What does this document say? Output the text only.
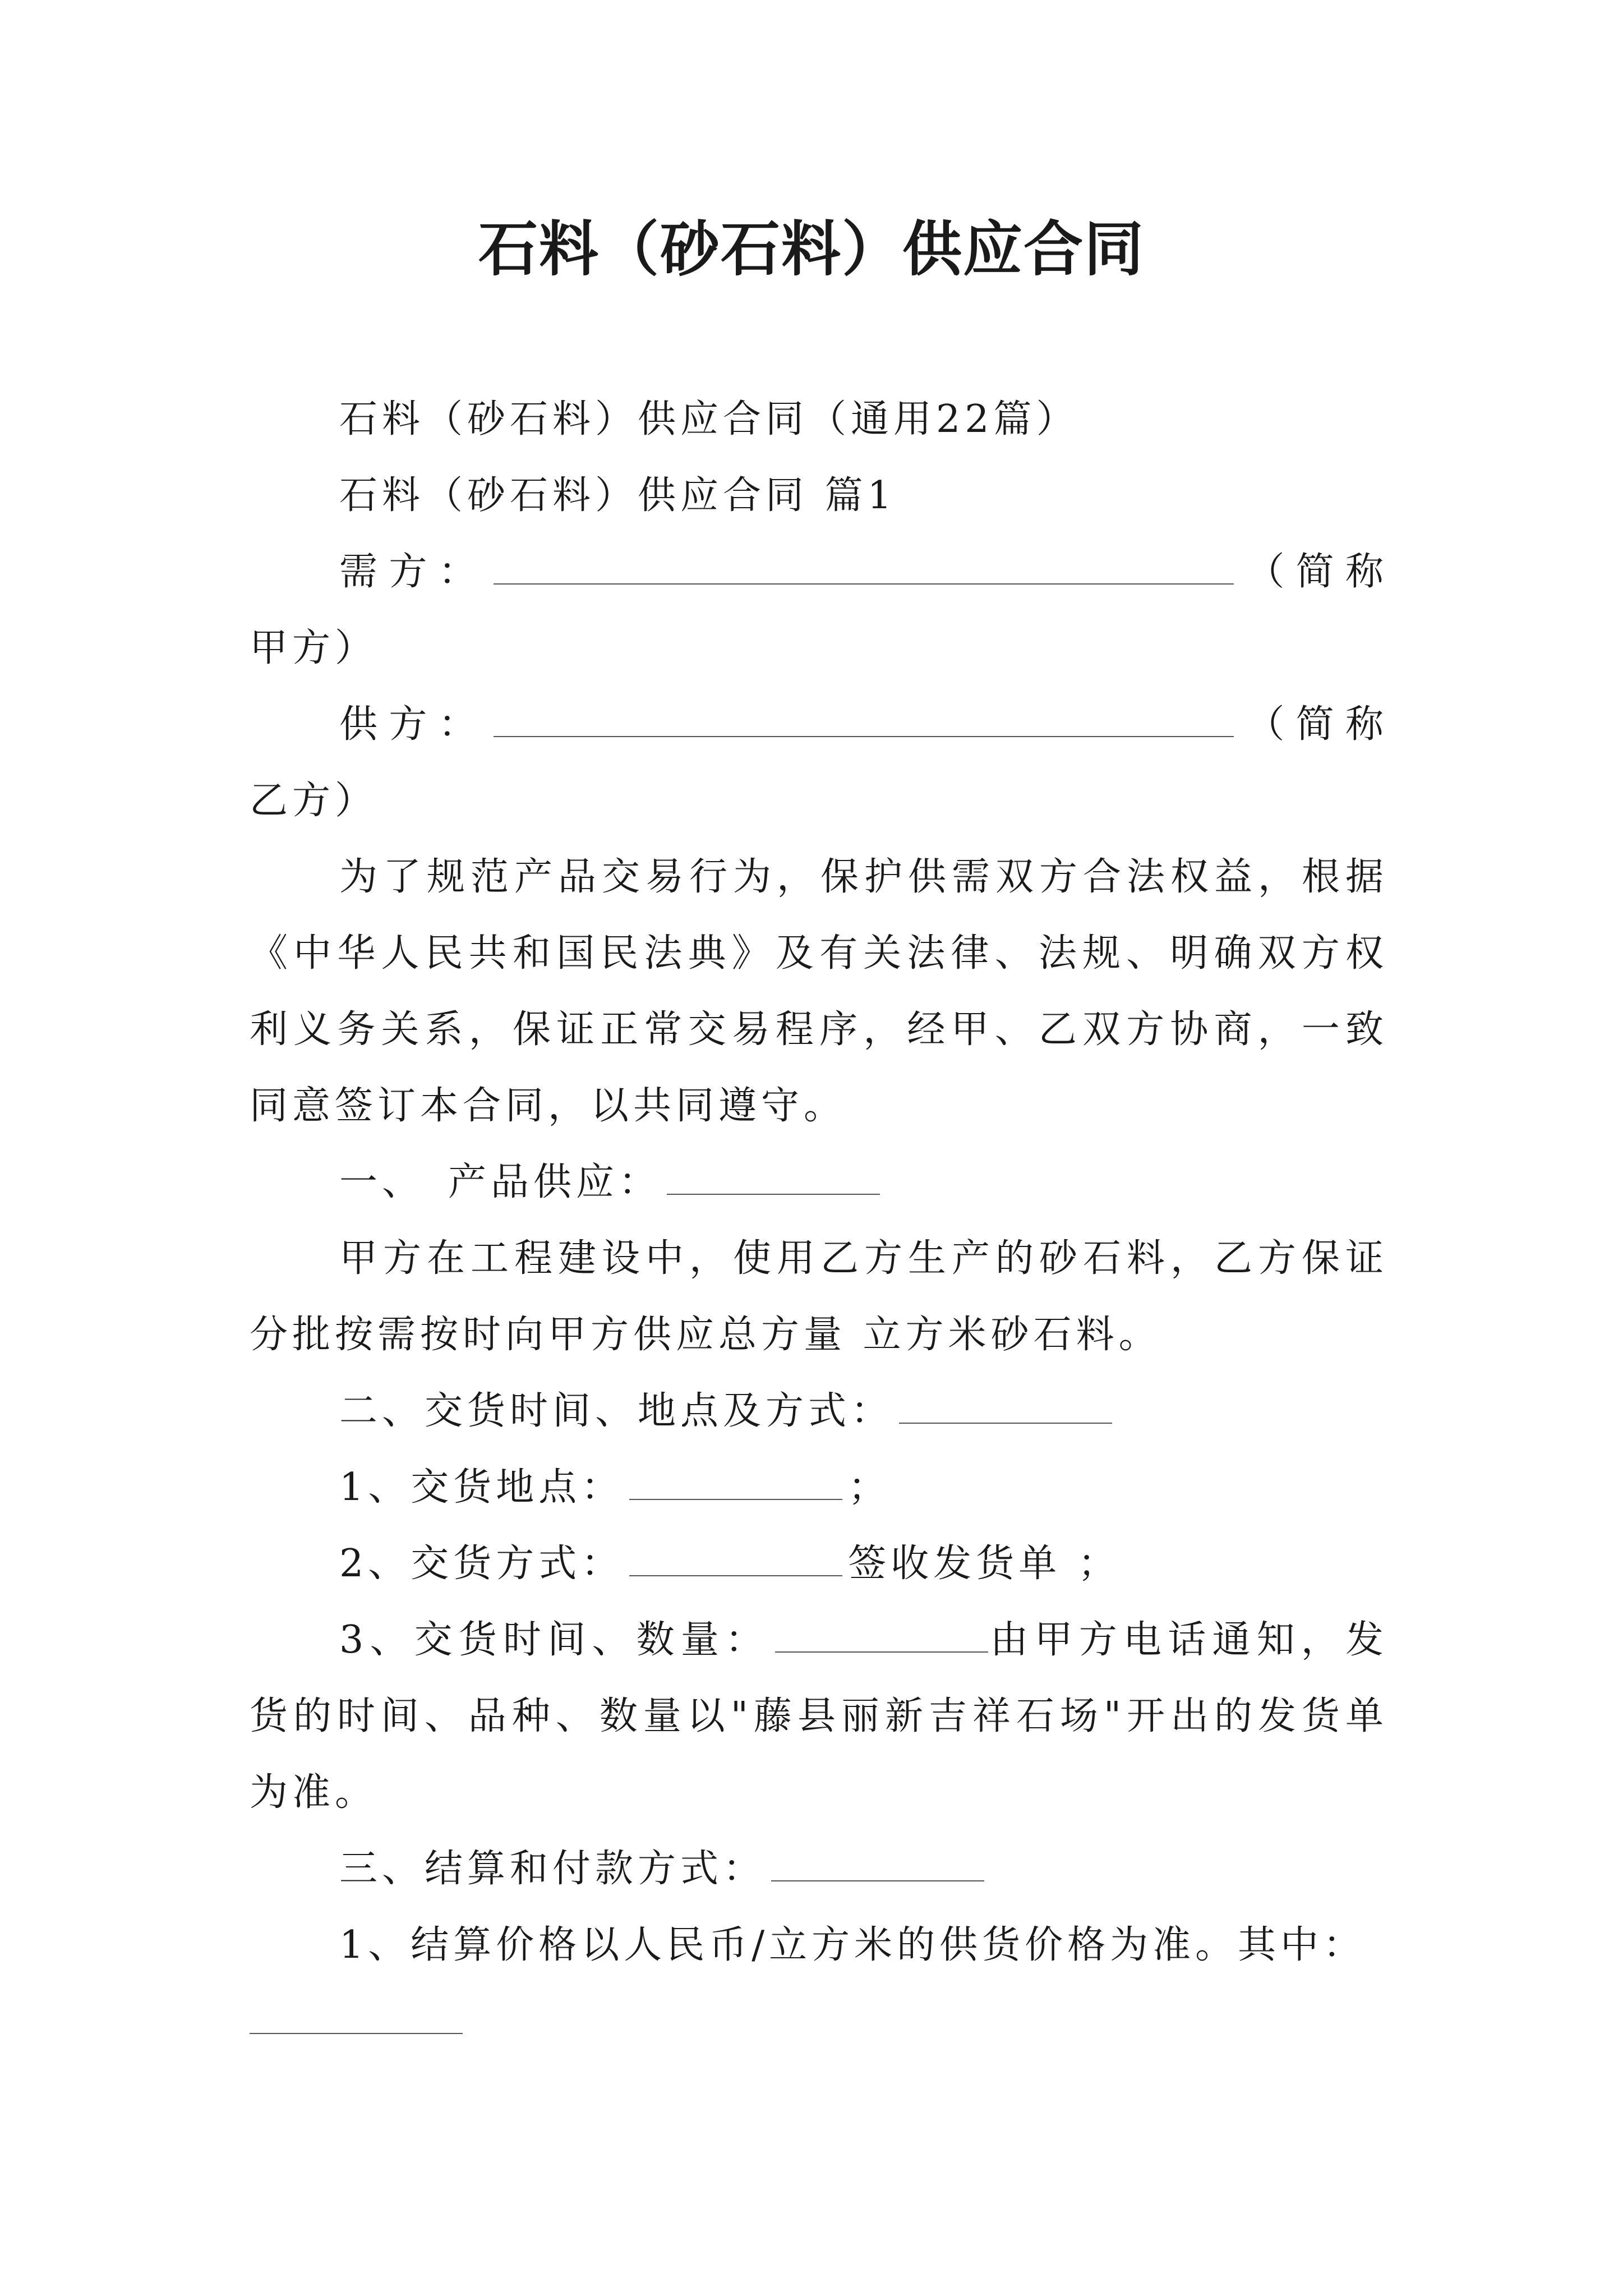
石料（砂石料）供应合同

石料（砂石料）供应合同（通用22篇）

石料（砂石料）供应合同 篇1

需方：	（简称甲方）

供方：	（简称乙方）

为了规范产品交易行为，保护供需双方合法权益，根据《中华人民共和国民法典》及有关法律、法规、明确双方权利义务关系，保证正常交易程序，经甲、乙双方协商，一致同意签订本合同，以共同遵守。

一、　产品供应：

甲方在工程建设中，使用乙方生产的砂石料，乙方保证分批按需按时向甲方供应总方量 立方米砂石料。

二、交货时间、地点及方式：

1、交货地点：	；

2、交货方式：	签收发货单 ；

3、交货时间、数量：	由甲方电话通知，发货的时间、品种、数量以"藤县丽新吉祥石场"开出的发货单为准。

三、结算和付款方式：

1、结算价格以人民币/立方米的供货价格为准。其中：
